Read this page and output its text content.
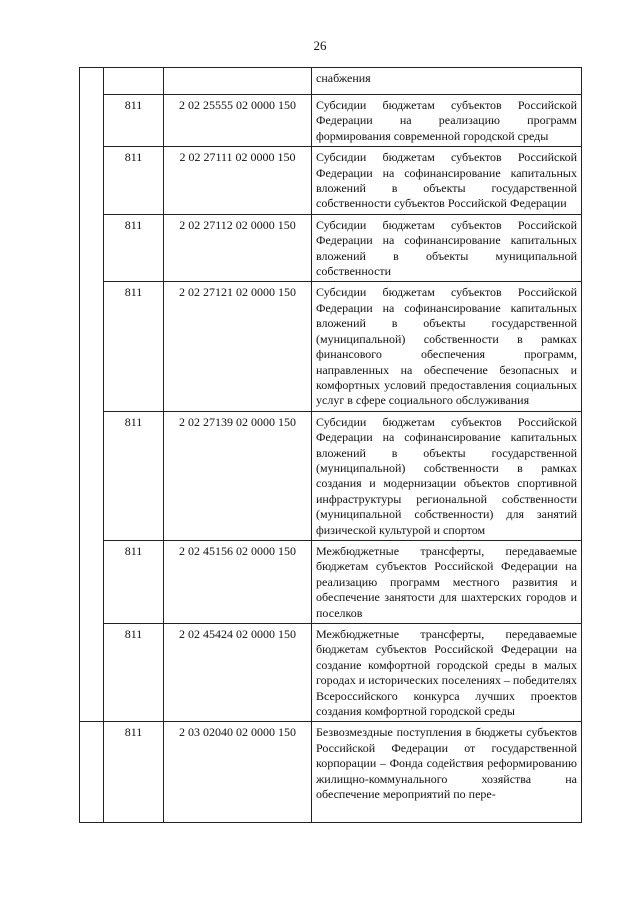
26
			снабжения
	811	2 02 25555 02 0000 150	Субсидии бюджетам субъектов Российской Федерации на реализацию программ формирования современной городской среды
	811	2 02 27111 02 0000 150	Субсидии бюджетам субъектов Российской Федерации на софинансирование капитальных вложений в объекты государственной собственности субъектов Российской Федерации
	811	2 02 27112 02 0000 150	Субсидии бюджетам субъектов Российской Федерации на софинансирование капитальных вложений в объекты муниципальной собственности
	811	2 02 27121 02 0000 150	Субсидии бюджетам субъектов Российской Федерации на софинансирование капитальных вложений в объекты государственной (муниципальной) собственности в рамках финансового обеспечения программ, направленных на обеспечение безопасных и комфортных условий предоставления социальных услуг в сфере социального обслуживания
	811	2 02 27139 02 0000 150	Субсидии бюджетам субъектов Российской Федерации на софинансирование капитальных вложений в объекты государственной (муниципальной) собственности в рамках создания и модернизации объектов спортивной инфраструктуры региональной собственности (муниципальной собственности) для занятий физической культурой и спортом
	811	2 02 45156 02 0000 150	Межбюджетные трансферты, передаваемые бюджетам субъектов Российской Федерации на реализацию программ местного развития и обеспечение занятости для шахтерских городов и поселков
	811	2 02 45424 02 0000 150	Межбюджетные трансферты, передаваемые бюджетам субъектов Российской Федерации на создание комфортной городской среды в малых городах и исторических поселениях – победителях Всероссийского конкурса лучших проектов создания комфортной городской среды
	811	2 03 02040 02 0000 150	Безвозмездные поступления в бюджеты субъектов Российской Федерации от государственной корпорации – Фонда содействия реформированию жилищно-коммунального хозяйства на обеспечение мероприятий по пере-
